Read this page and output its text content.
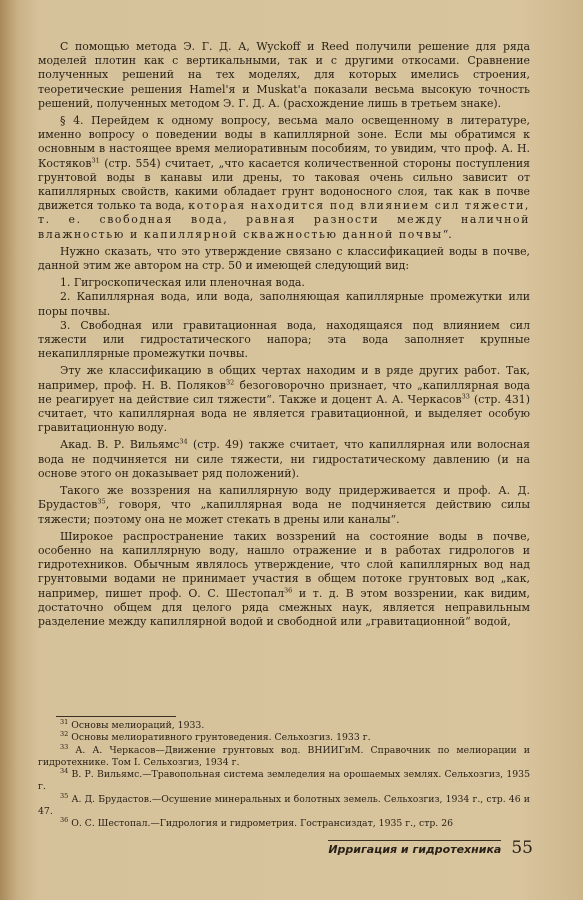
С помощью метода Э. Г. Д. А, Wyckoff и Reed получили решение для ряда моделей плотин как с вертикальными, так и с другими откосами. Сравнение полученных решений на тех моделях, для которых имелись строения, теоретические решения Hamel'я и Muskat'а показали весьма высокую точность решений, полученных методом Э. Г. Д. А. (расхождение лишь в третьем знаке).

§ 4. Перейдем к одному вопросу, весьма мало освещенному в литературе, именно вопросу о поведении воды в капиллярной зоне. Если мы обратимся к основным в настоящее время мелиоративным пособиям, то увидим, что проф. А. Н. Костяков$^{31}$ (стр. 554) считает, „что касается количественной стороны поступления грунтовой воды в канавы или дрены, то таковая очень сильно зависит от капиллярных свойств, какими обладает грунт водоносного слоя, так как в почве движется только та вода, которая находится под влиянием сил тяжести, т. е. свободная вода, равная разности между наличной влажностью и капиллярной скважностью данной почвы“.

Нужно сказать, что это утверждение связано с классификацией воды в почве, данной этим же автором на стр. 50 и имеющей следующий вид:

1. Гигроскопическая или пленочная вода.

2. Капиллярная вода, или вода, заполняющая капиллярные промежутки или поры почвы.

3. Свободная или гравитационная вода, находящаяся под влиянием сил тяжести или гидростатического напора; эта вода заполняет крупные некапиллярные промежутки почвы.

Эту же классификацию в общих чертах находим и в ряде других работ. Так, например, проф. Н. В. Поляков$^{32}$ безоговорочно признает, что „капиллярная вода не реагирует на действие сил тяжести“. Также и доцент А. А. Черкасов$^{33}$ (стр. 431) считает, что капиллярная вода не является гравитационной, и выделяет особую гравитационную воду.

Акад. В. Р. Вильямс$^{34}$ (стр. 49) также считает, что капиллярная или волосная вода не подчиняется ни силе тяжести, ни гидростатическому давлению (и на основе этого он доказывает ряд положений).

Такого же воззрения на капиллярную воду придерживается и проф. А. Д. Брудастов$^{35}$, говоря, что „капиллярная вода не подчиняется действию силы тяжести; поэтому она не может стекать в дрены или каналы“.

Широкое распространение таких воззрений на состояние воды в почве, особенно на капиллярную воду, нашло отражение и в работах гидрологов и гидротехников. Обычным являлось утверждение, что слой капиллярных вод над грунтовыми водами не принимает участия в общем потоке грунтовых вод „как, например, пишет проф. О. С. Шестопал$^{36}$ и т. д. В этом воззрении, как видим, достаточно общем для целого ряда смежных наук, является неправильным разделение между капиллярной водой и свободной или „гравитационной“ водой,

$^{31}$ Основы мелиораций, 1933.

$^{32}$ Основы мелиоративного грунтоведения. Сельхозгиз. 1933 г.

$^{33}$ А. А. Черкасов—Движение грунтовых вод. ВНИИГиМ. Справочник по мелиорации и гидротехнике. Том I. Сельхозгиз, 1934 г.

$^{34}$ В. Р. Вильямс.—Травопольная система земледелия на орошаемых землях. Сельхозгиз, 1935 г.

$^{35}$ А. Д. Брудастов.—Осушение минеральных и болотных земель. Сельхозгиз, 1934 г., стр. 46 и 47.

$^{36}$ О. С. Шестопал.—Гидрология и гидрометрия. Гострансиздат, 1935 г., стр. 26

Ирригация и гидротехника 55
